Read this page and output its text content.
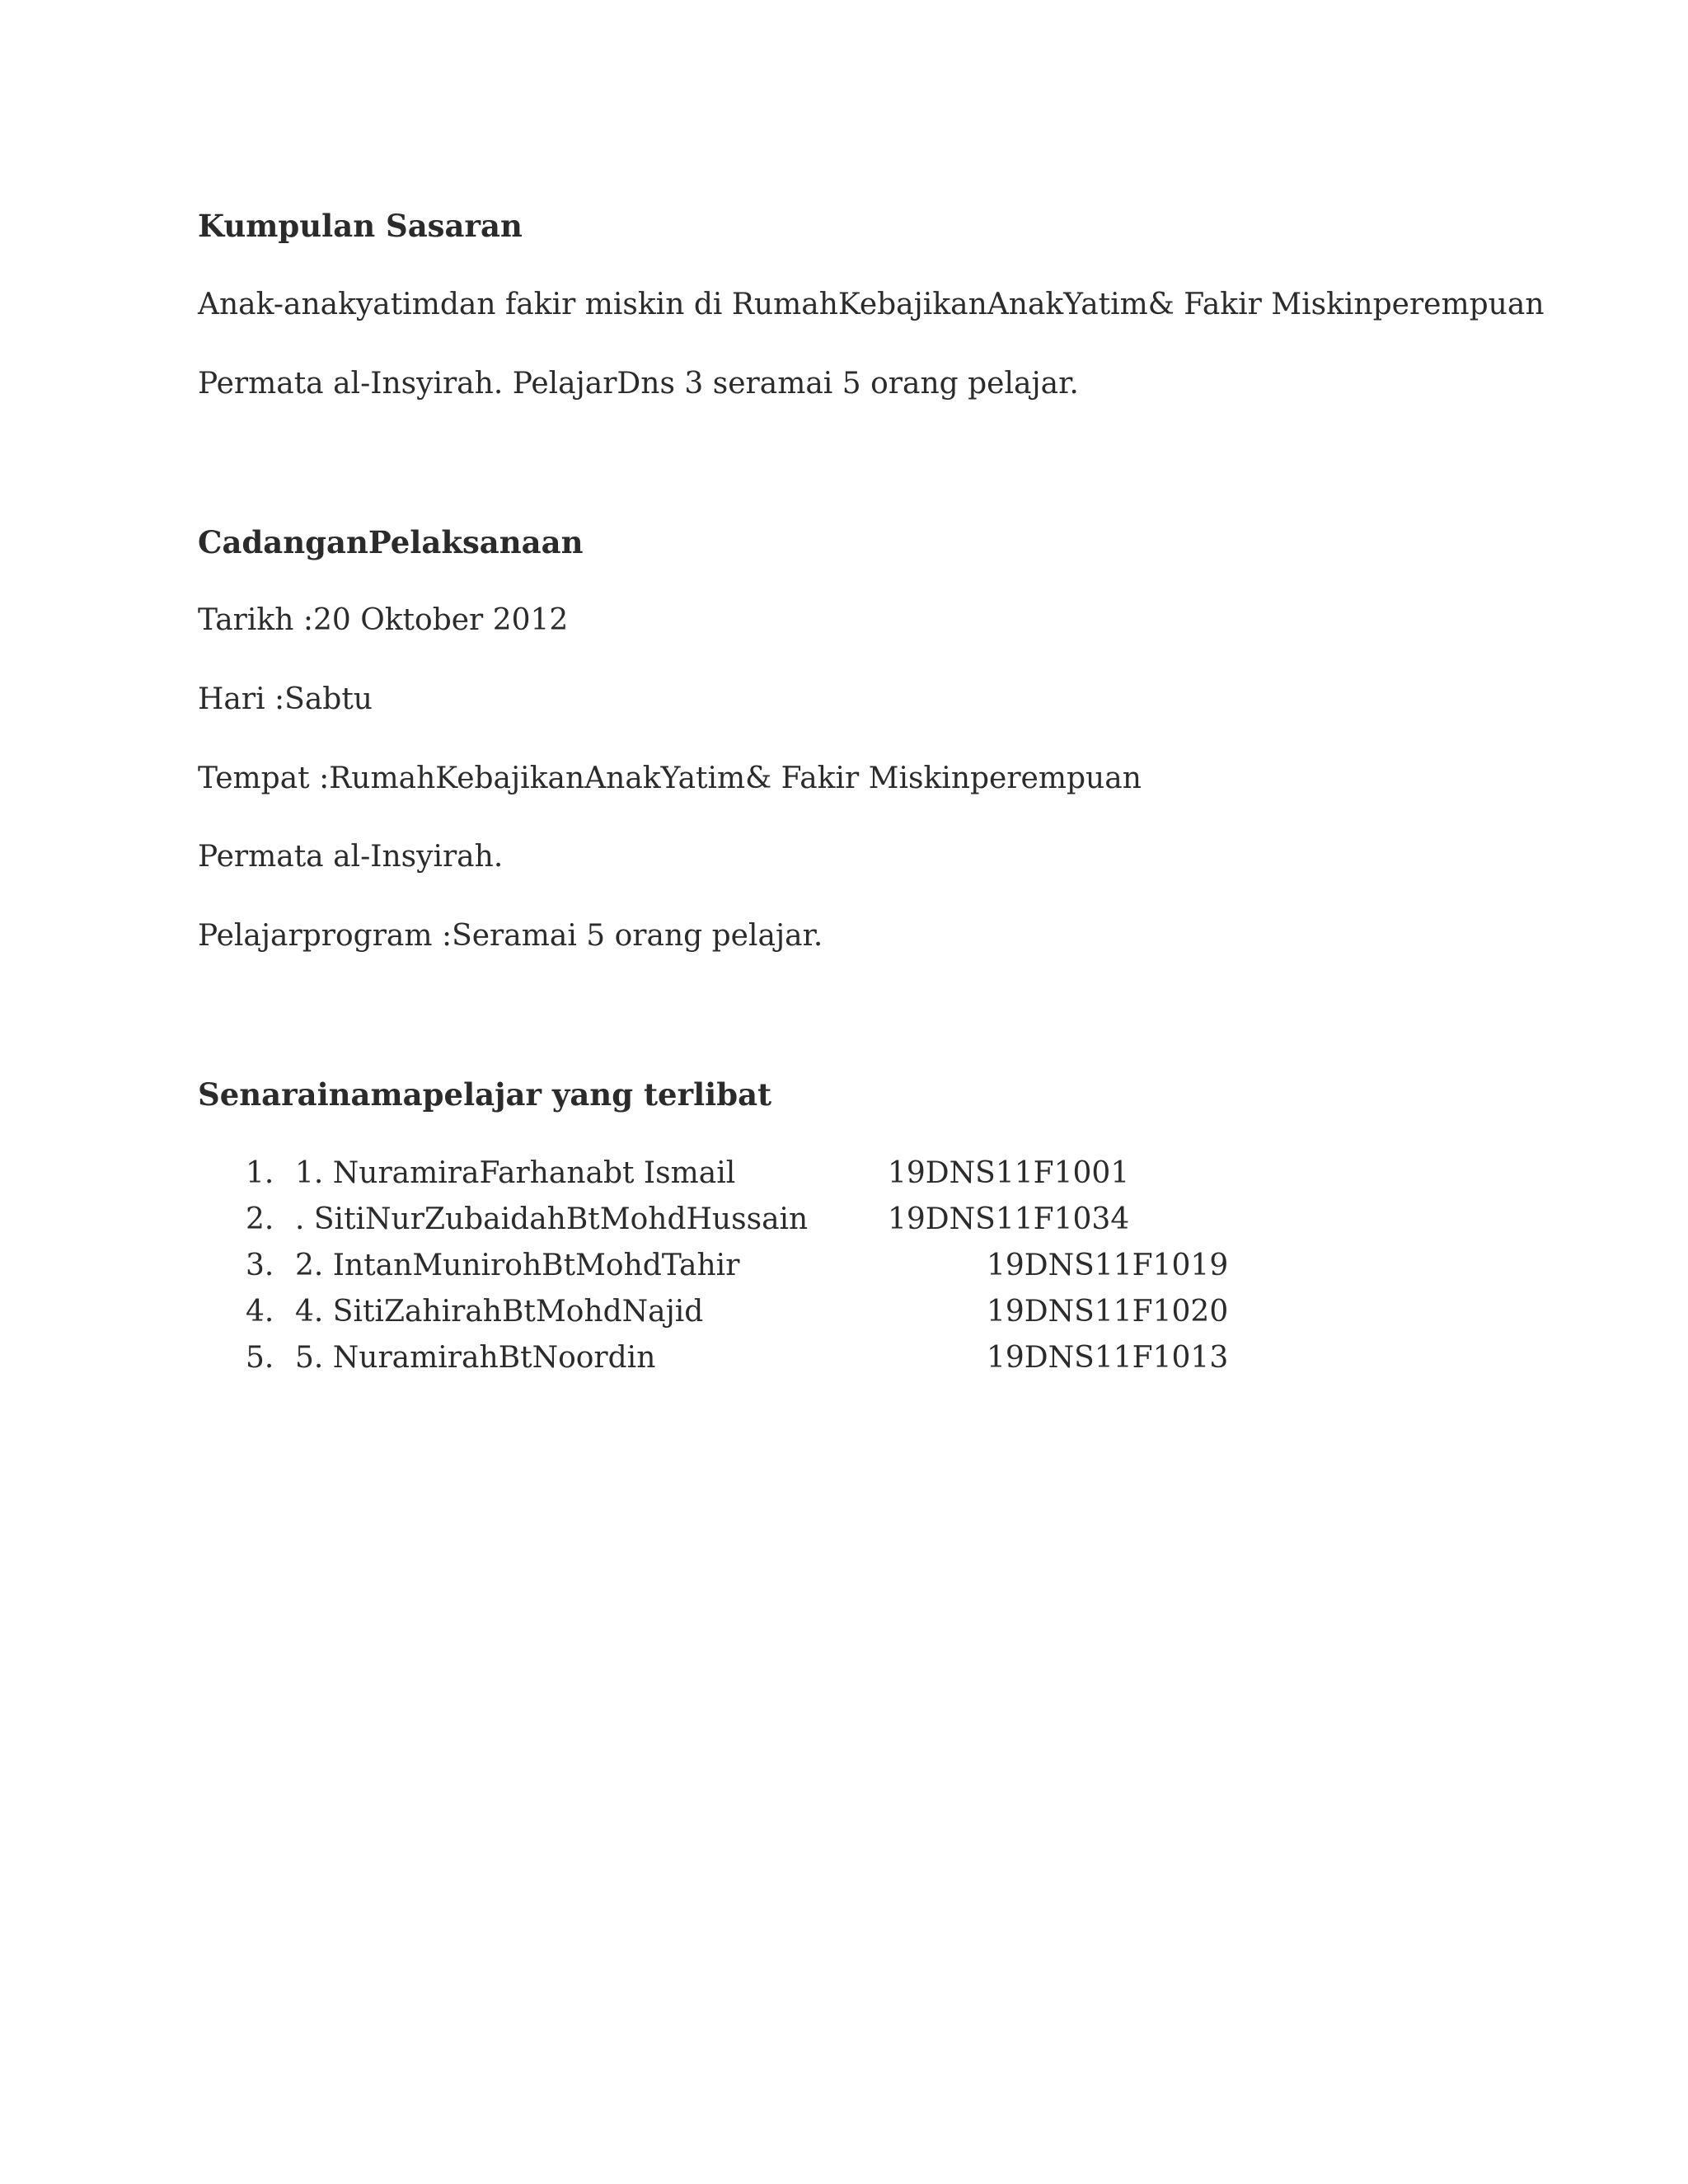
Kumpulan Sasaran
Anak-anakyatimdan fakir miskin di RumahKebajikanAnakYatim& Fakir Miskinperempuan
Permata al-Insyirah. PelajarDns 3 seramai 5 orang pelajar.
CadanganPelaksanaan
Tarikh :20 Oktober 2012
Hari :Sabtu
Tempat :RumahKebajikanAnakYatim& Fakir Miskinperempuan
Permata al-Insyirah.
Pelajarprogram :Seramai 5 orang pelajar.
Senarainamapelajar yang terlibat
1. 1. NuramiraFarhanabt Ismail	19DNS11F1001
2. . SitiNurZubaidahBtMohdHussain	19DNS11F1034
3. 2. IntanMunirohBtMohdTahir	19DNS11F1019
4. 4. SitiZahirahBtMohdNajid	19DNS11F1020
5. 5. NuramirahBtNoordin	19DNS11F1013
